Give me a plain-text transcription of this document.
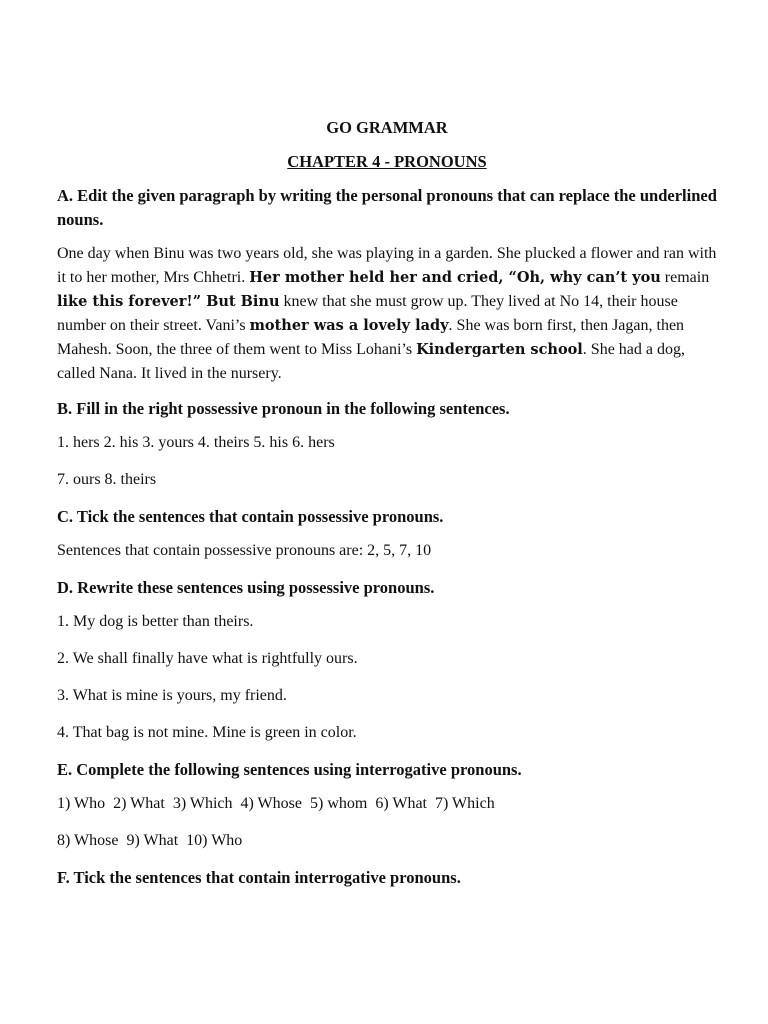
GO GRAMMAR
CHAPTER 4 - PRONOUNS
A. Edit the given paragraph by writing the personal pronouns that can replace the underlined nouns.
One day when Binu was two years old, she was playing in a garden. She plucked a flower and ran with it to her mother, Mrs Chhetri. Her mother held her and cried, “Oh, why can’t you remain like this forever!” But Binu knew that she must grow up. They lived at No 14, their house number on their street. Vani’s mother was a lovely lady. She was born first, then Jagan, then Mahesh. Soon, the three of them went to Miss Lohani’s Kindergarten school. She had a dog, called Nana. It lived in the nursery.
B. Fill in the right possessive pronoun in the following sentences.
1. hers 2. his 3. yours 4. theirs 5. his 6. hers
7. ours 8. theirs
C. Tick the sentences that contain possessive pronouns.
Sentences that contain possessive pronouns are: 2, 5, 7, 10
D. Rewrite these sentences using possessive pronouns.
1. My dog is better than theirs.
2. We shall finally have what is rightfully ours.
3. What is mine is yours, my friend.
4. That bag is not mine. Mine is green in color.
E. Complete the following sentences using interrogative pronouns.
1) Who  2) What  3) Which  4) Whose  5) whom  6) What  7) Which
8) Whose  9) What  10) Who
F. Tick the sentences that contain interrogative pronouns.
